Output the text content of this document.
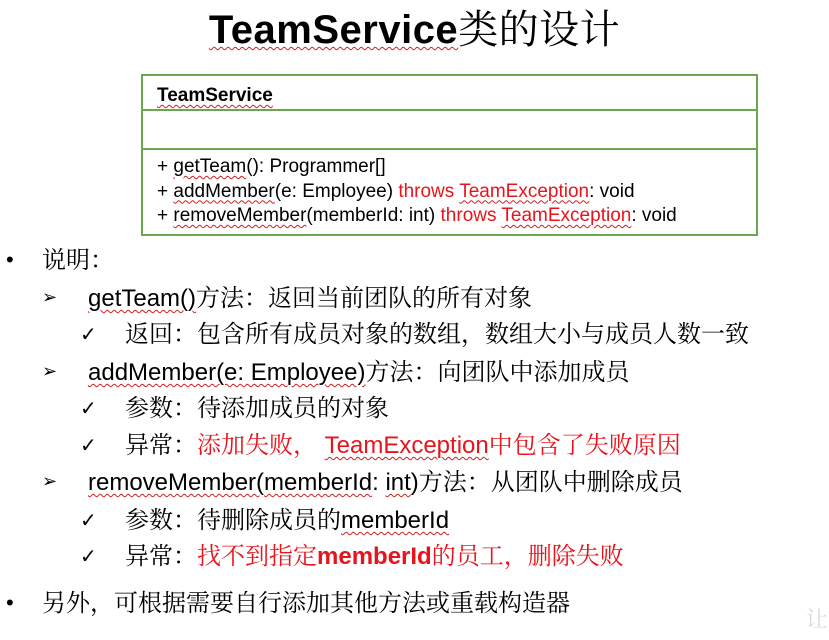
TeamService类的设计
TeamService
+ getTeam(): Programmer[]
+ addMember(e: Employee) throws TeamException: void
+ removeMember(memberId: int) throws TeamException: void
• 说明：
➢ getTeam()方法：返回当前团队的所有对象
✓ 返回：包含所有成员对象的数组，数组大小与成员人数一致
➢ addMember(e: Employee)方法：向团队中添加成员
✓ 参数：待添加成员的对象
✓ 异常：添加失败， TeamException中包含了失败原因
➢ removeMember(memberId: int)方法：从团队中删除成员
✓ 参数：待删除成员的memberId
✓ 异常：找不到指定memberId的员工，删除失败
• 另外，可根据需要自行添加其他方法或重载构造器
让
